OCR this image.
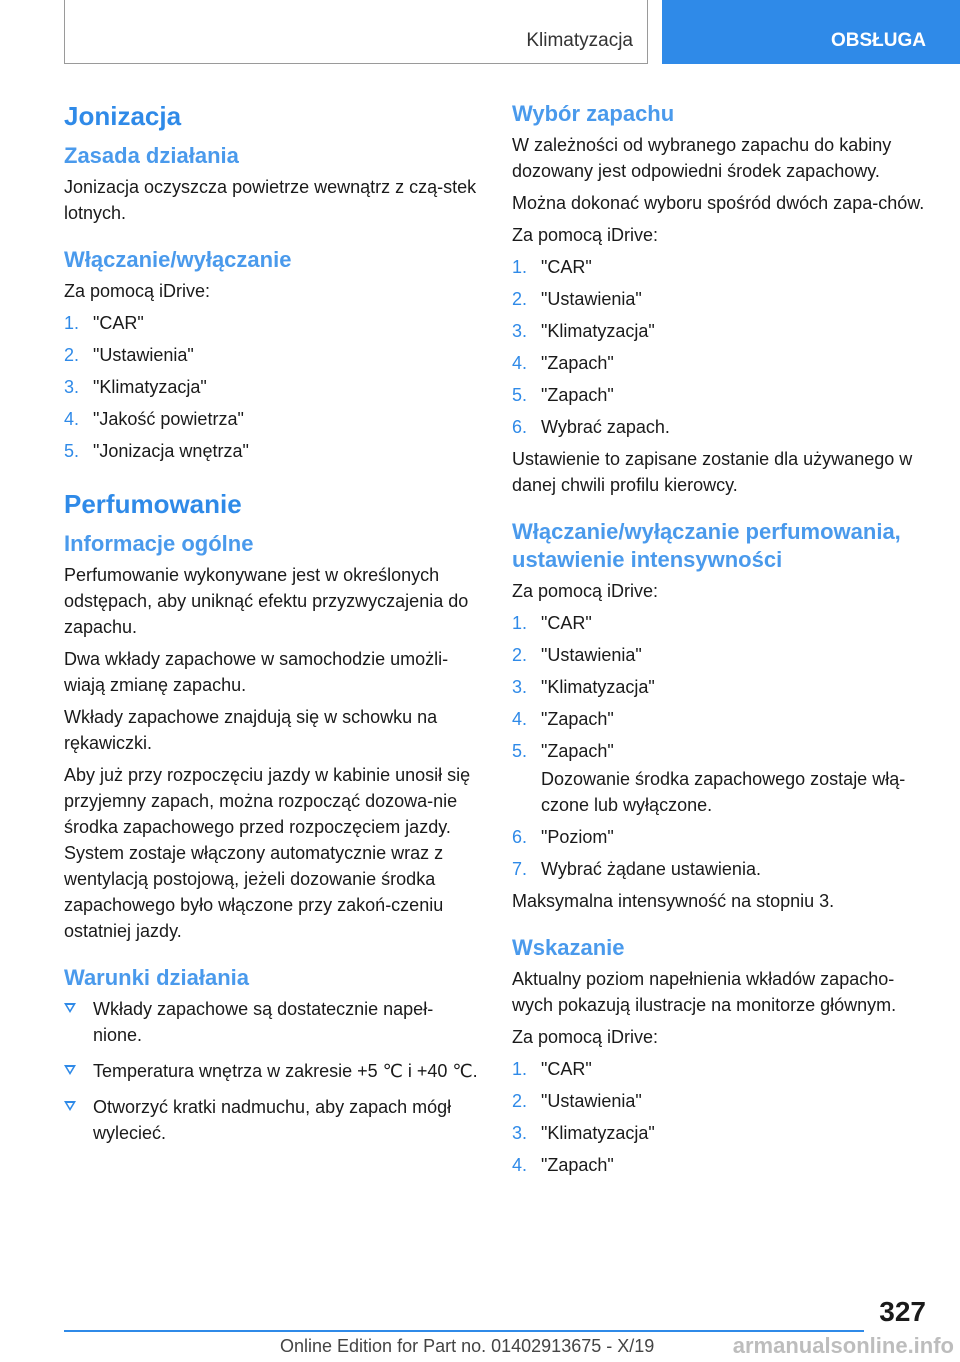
Klimatyzacja	OBSŁUGA
Jonizacja
Zasada działania

Jonizacja oczyszcza powietrze wewnątrz z czą-stek lotnych.

Włączanie/wyłączanie

Za pomocą iDrive:

1. "CAR"
2. "Ustawienia"
3. "Klimatyzacja"
4. "Jakość powietrza"
5. "Jonizacja wnętrza"
Perfumowanie
Informacje ogólne

Perfumowanie wykonywane jest w określonych odstępach, aby uniknąć efektu przyzwyczajenia do zapachu.

Dwa wkłady zapachowe w samochodzie umożli-wiają zmianę zapachu.

Wkłady zapachowe znajdują się w schowku na rękawiczki.

Aby już przy rozpoczęciu jazdy w kabinie unosił się przyjemny zapach, można rozpocząć dozowa-nie środka zapachowego przed rozpoczęciem jazdy. System zostaje włączony automatycznie wraz z wentylacją postojową, jeżeli dozowanie środka zapachowego było włączone przy zakoń-czeniu ostatniej jazdy.

Warunki działania
Wkłady zapachowe są dostatecznie napeł-nione.
Temperatura wnętrza w zakresie +5 ℃ i +40 ℃.
Otworzyć kratki nadmuchu, aby zapach mógł wylecieć.
Wybór zapachu

W zależności od wybranego zapachu do kabiny dozowany jest odpowiedni środek zapachowy.

Można dokonać wyboru spośród dwóch zapa-chów.

Za pomocą iDrive:

1. "CAR"
2. "Ustawienia"
3. "Klimatyzacja"
4. "Zapach"
5. "Zapach"
6. Wybrać zapach.

Ustawienie to zapisane zostanie dla używanego w danej chwili profilu kierowcy.

Włączanie/wyłączanie perfumowania, ustawienie intensywności

Za pomocą iDrive:

1. "CAR"
2. "Ustawienia"
3. "Klimatyzacja"
4. "Zapach"
5. "Zapach"
Dozowanie środka zapachowego zostaje włą-czone lub wyłączone.
6. "Poziom"
7. Wybrać żądane ustawienia.

Maksymalna intensywność na stopniu 3.

Wskazanie

Aktualny poziom napełnienia wkładów zapacho-wych pokazują ilustracje na monitorze głównym.

Za pomocą iDrive:

1. "CAR"
2. "Ustawienia"
3. "Klimatyzacja"
4. "Zapach"
327
Online Edition for Part no. 01402913675 - X/19	armanualsonline.info
